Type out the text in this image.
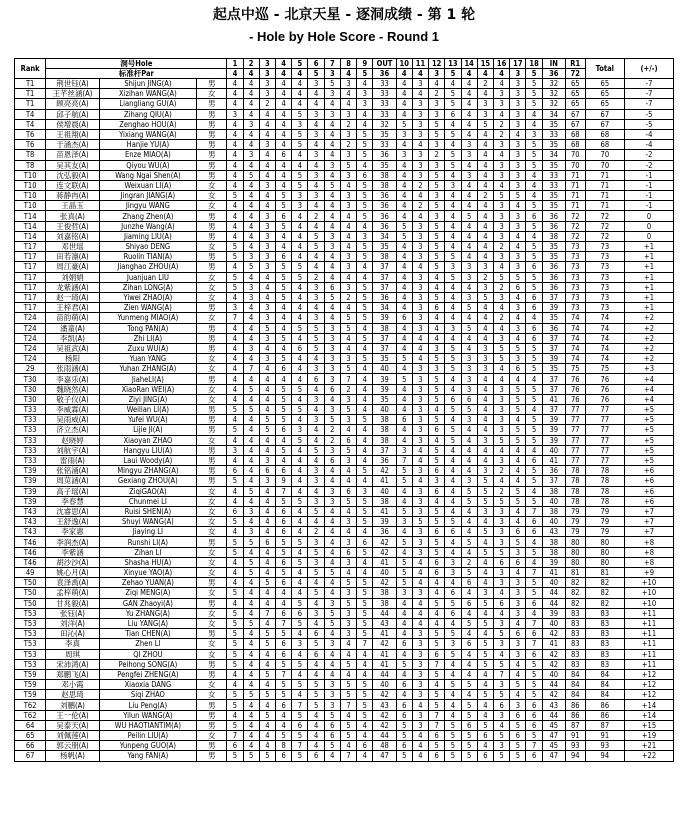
起点中巡 - 北京天星 - 逐洞成绩 - 第 1 轮
- Hole by Hole Score - Round 1
Rank	洞号Hole			1	2	3	4	5	6	7	8	9	OUT	10	11	12	13	14	15	16	17	18	IN	R1	Total	(+/-)
	标准杆Par			4	4	3	4	4	5	3	4	5	36	4	4	3	5	4	4	4	3	5	36	72		
T1	荆世钰(A)	Shijun JING(A)	男	4	4	3	4	4	3	5	3	4	33	4	3	4	4	4	2	4	3	5	32	65	65	-7
T1	王芊丝涵(A)	Xizihan WANG(A)	女	4	4	3	4	4	4	3	4	3	33	4	4	2	5	4	4	3	3	5	32	65	65	-7
T1	顾亮亮(A)	Liangliang GU(A)	男	4	4	2	4	4	4	4	4	3	33	4	3	3	5	4	3	3	3	5	32	65	65	-7
T4	邱子航(A)	Zihang QIU(A)	男	3	4	4	4	5	3	3	3	4	33	4	3	3	6	4	3	4	3	4	34	67	67	-5
T4	侯增晨(A)	Zenghao HOU(A)	男	4	3	4	4	3	4	4	2	4	32	5	3	5	4	4	5	2	3	4	35	67	67	-5
T6	王祖翔(A)	Yixiang WANG(A)	男	4	4	4	4	5	3	4	3	5	35	3	3	5	5	4	4	2	4	3	33	68	68	-4
T6	于涵杰(A)	Hanjie YU(A)	男	4	4	3	4	5	4	4	2	5	33	4	4	3	4	3	4	3	3	5	35	68	68	-4
T8	苗恩泽(A)	Enze MIAO(A)	男	4	3	4	6	4	3	4	3	5	36	3	3	2	5	3	4	4	3	5	34	70	70	-2
T8	吴其友(A)	Qiyou WU(A)	男	4	4	4	4	4	4	3	5	4	35	4	3	3	5	4	4	3	3	5	35	70	70	-2
T10	沈弘毅(A)	Wang Ngai Shen(A)	男	4	5	4	4	5	3	4	3	6	38	4	3	5	4	3	4	3	3	4	33	71	71	-1
T10	连文联(A)	Weixuan LI(A)	女	4	4	3	4	5	4	5	4	5	38	4	2	5	3	4	4	4	3	4	33	71	71	-1
T10	蒋静冉(A)	Jingran JIANG(A)	女	5	4	4	5	3	3	4	3	5	36	4	4	3	4	4	2	5	5	4	35	71	71	-1
T10	王晶玉	Jingyu WANG	女	4	4	4	5	3	4	4	3	5	36	4	2	5	4	4	4	3	4	5	35	71	71	-1
T14	张真(A)	Zhang Zhen(A)	男	4	4	3	6	4	2	4	4	5	36	4	4	3	4	5	4	3	3	6	36	72	72	0
T14	王俊哲(A)	Junzhe Wang(A)	男	4	4	3	5	4	4	4	4	4	36	5	3	5	4	4	4	3	3	5	36	72	72	0
T14	刘嘉铭(A)	Jiaming LIU(A)	男	4	4	3	4	4	5	3	4	3	34	5	3	5	4	4	4	3	4	4	38	72	72	0
T17	邓世瑶	Shiyao DENG	女	5	4	3	4	4	5	3	4	5	35	4	3	5	4	4	4	2	4	5	35	73	73	+1
T17	田若凛(A)	Ruolin TIAN(A)	男	5	3	3	6	4	4	4	3	5	38	4	3	5	5	4	4	3	3	5	35	73	73	+1
T17	周江豪(A)	Jianghao ZHOU(A)	男	4	5	3	5	5	4	4	3	4	37	4	4	5	3	3	3	4	3	6	36	73	73	+1
T17	刘娟娟	Juanjuan LIU	女	5	4	4	5	5	2	4	4	4	37	4	3	4	5	3	2	5	5	5	36	73	73	+1
T17	龙紫涵(A)	Zihan LONG(A)	女	5	3	4	5	4	3	6	3	5	37	4	3	4	4	4	3	2	6	5	36	73	73	+1
T17	赵一琦(A)	Yiwei ZHAO(A)	女	4	3	4	5	4	3	5	2	5	36	4	3	5	4	3	5	3	4	6	37	73	73	+1
T17	王梓君(A)	Zien WANG(A)	男	3	4	3	4	4	4	4	4	5	34	4	3	6	4	5	4	4	3	6	39	73	73	+1
T24	苗韵萌(A)	Yunmeng MIAO(A)	女	7	4	3	4	4	3	4	5	5	39	6	3	4	4	4	4	2	4	4	35	74	74	+2
T24	潘童(A)	Tong PAN(A)	男	4	4	5	4	5	5	3	5	4	38	4	3	4	3	5	4	4	3	6	36	74	74	+2
T24	李凯(A)	Zhi LI(A)	男	4	4	3	5	4	5	3	4	5	37	4	4	4	4	4	4	3	4	6	37	74	74	+2
T24	吴祖武(A)	Zuxu WU(A)	男	4	3	4	4	6	5	3	4	4	37	4	4	3	5	4	3	5	5	5	37	74	74	+2
T24	杨阳	Yuan YANG	女	4	4	3	5	4	4	3	3	5	35	5	4	5	5	3	3	5	3	5	39	74	74	+2
29	张雨涵(A)	Yuhan ZHANG(A)	女	4	7	4	6	4	3	3	5	4	40	4	3	3	5	3	3	4	6	5	35	75	75	+3
T30	李嘉乐(A)	JiaheLI(A)	男	4	4	4	4	4	6	3	7	4	39	5	3	5	4	3	4	4	4	4	37	76	76	+4
T30	魏晓然(A)	XiaoRan WEI(A)	女	4	5	4	5	5	4	6	2	4	39	4	3	5	4	3	4	3	5	5	37	76	76	+4
T30	敬子仪(A)	Ziyi JING(A)	女	4	4	4	5	4	3	4	3	4	35	4	3	5	6	6	4	3	5	5	41	76	76	+4
T33	李威霖(A)	Weilian LI(A)	男	5	5	4	5	5	4	3	5	4	40	4	3	4	5	5	4	3	5	4	37	77	77	+5
T33	吴雨威(A)	Yufei WU(A)	男	4	4	5	5	4	3	5	3	5	38	6	3	5	4	3	4	3	4	5	39	77	77	+5
T33	济立杰(A)	Lijie JI(A)	男	5	4	5	6	3	4	2	4	4	38	4	3	6	5	4	4	3	5	5	39	77	77	+5
T33	赵晓婷	Xiaoyan ZHAO	女	4	4	4	4	5	4	2	6	4	38	4	3	4	5	4	3	5	5	5	39	77	77	+5
T33	刘航宇(A)	Hangyu LIU(A)	男	3	4	4	5	4	5	3	5	4	37	3	4	5	4	4	4	4	4	4	40	77	77	+5
T33	雷雨(A)	Laui Woody(A)	男	4	4	3	4	4	4	6	3	4	36	7	4	5	4	4	4	3	4	6	41	77	77	+5
T39	张铭涌(A)	Mingyu ZHANG(A)	男	6	4	6	6	4	3	4	4	5	42	5	3	6	4	4	3	2	4	5	36	78	78	+6
T39	周苋涵(A)	Gexiang ZHOU(A)	男	5	4	3	9	4	3	4	4	4	41	5	4	3	4	3	5	4	4	5	37	78	78	+6
T39	高子瑶(A)	ZiqiGAO(A)	女	4	5	4	7	4	4	3	6	3	40	4	3	6	4	5	5	2	5	4	38	78	78	+6
T39	李春慧	Chunmei LI	女	4	4	4	5	5	3	3	5	5	38	4	3	4	4	5	5	5	5	5	40	78	78	+6
T43	沈睿思(A)	Ruisi SHEN(A)	女	6	3	4	6	4	5	4	4	5	41	5	3	5	4	4	3	3	4	7	38	79	79	+7
T43	王舒逸(A)	Shuyi WANG(A)	女	5	4	4	6	4	4	4	3	5	39	3	5	5	5	4	4	3	4	6	40	79	79	+7
T43	李家惠	Jiaying LI	女	4	3	4	6	4	2	4	4	4	36	4	3	6	6	4	5	3	6	6	43	79	79	+7
T46	李润杰(A)	Runshi LI(A)	男	5	5	6	5	5	3	4	3	6	42	5	3	5	4	5	4	3	5	4	38	80	80	+8
T46	李紫涵	Zihan LI	女	5	4	4	5	4	5	4	6	5	42	4	3	5	4	4	5	5	3	5	38	80	80	+8
T46	胡沙沙(A)	Shasha HU(A)	女	4	5	4	6	5	3	4	3	4	41	5	4	6	3	2	4	6	6	4	39	80	80	+8
49	姚心月(A)	Xinyue YAO(A)	女	4	5	4	5	4	5	5	4	4	40	5	4	6	3	5	4	3	4	7	41	81	81	+9
T50	袁泽禹(A)	Zehao YUAN(A)	男	4	4	5	6	4	4	4	5	5	42	5	4	4	4	6	4	3	3	5	40	82	82	+10
T50	孟梓萌(A)	Ziqi MENG(A)	女	5	4	4	4	4	5	4	3	5	38	3	3	4	6	4	3	4	3	5	44	82	82	+10
T50	甘兆毅(A)	GAN Zhaoyi(A)	男	4	4	4	4	5	4	3	5	5	38	4	4	5	5	6	5	6	3	6	44	82	82	+10
T53	张钰(A)	Yu ZHANG(A)	女	5	4	7	6	6	3	5	3	5	44	4	4	4	6	4	4	4	3	4	39	83	83	+11
T53	刘洋(A)	Liu YANG(A)	女	5	5	4	7	5	4	5	3	5	43	4	4	4	4	5	5	3	4	7	40	83	83	+11
T53	田沁(A)	Tian CHEN(A)	男	5	4	5	5	4	6	4	3	5	41	4	3	5	5	4	4	5	6	6	42	83	83	+11
T53	李真	Zhen LI	女	5	4	5	6	3	5	3	4	7	42	6	3	5	3	6	5	3	3	7	41	83	83	+11
T53	周琪	QI ZHOU	女	5	4	4	6	4	6	4	4	4	41	4	3	6	5	4	5	4	3	6	42	83	83	+11
T53	宋沛鸿(A)	Peihong SONG(A)	男	5	4	4	5	5	4	4	5	4	41	5	3	7	4	4	5	5	4	5	42	83	83	+11
T59	郑鹏飞(A)	Pengfei ZHENG(A)	男	4	4	5	7	4	4	4	4	4	44	4	3	5	4	4	4	7	4	5	40	84	84	+12
T59	邓小霞	Xiaoxia DANG	女	4	4	4	5	5	5	3	5	5	40	6	3	4	5	5	4	3	5	5	44	84	84	+12
T59	赵思琦	Siqi ZHAO	女	5	5	5	5	4	5	3	5	5	42	4	3	5	4	4	5	5	4	5	42	84	84	+12
T62	刘鹏(A)	Liu Peng(A)	男	5	4	4	6	7	5	3	7	5	43	6	4	5	4	5	4	6	3	6	43	86	86	+14
T62	王一伦(A)	Yilun WANG(A)	男	4	4	5	4	5	4	5	4	5	42	6	3	7	4	5	4	3	6	6	44	86	86	+14
64	吴泰天(A)	WU HAOTIANTIM(A)	男	5	4	4	4	6	4	6	5	4	42	5	3	7	5	6	5	4	5	6	45	87	87	+15
65	刘佩莲(A)	Peilin LIU(A)	女	7	4	4	5	5	4	6	5	4	44	5	4	6	5	5	6	5	6	5	47	91	91	+19
66	郭云朋(A)	Yunpeng GUO(A)	男	6	4	4	8	7	4	5	4	6	48	6	4	5	5	5	4	3	5	7	45	93	93	+21
67	杨帆(A)	Yang FAN(A)	男	5	5	5	6	5	6	4	7	4	47	5	4	6	5	5	6	5	5	6	47	94	94	+22
